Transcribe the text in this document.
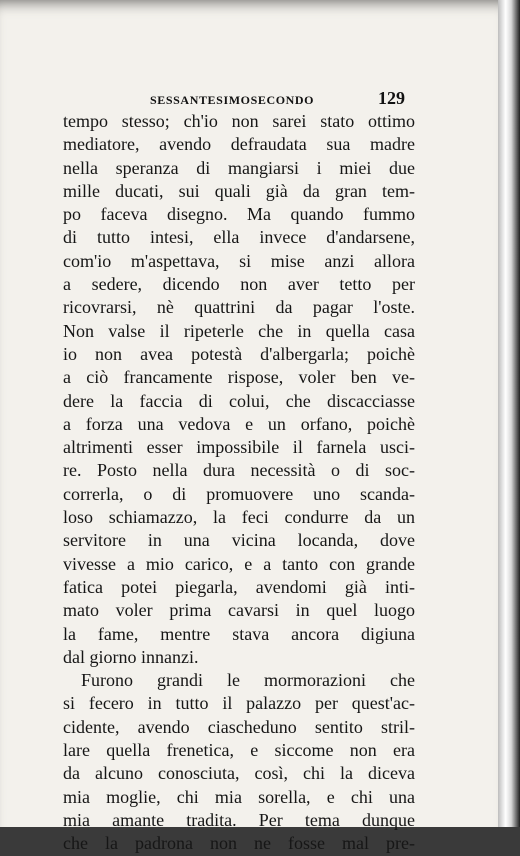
SESSANTESIMOSECONDO	129
tempo stesso; ch'io non sarei stato ottimo
mediatore, avendo defraudata sua madre
nella speranza di mangiarsi i miei due
mille ducati, sui quali già da gran tem-
po faceva disegno. Ma quando fummo
di tutto intesi, ella invece d'andarsene,
com'io m'aspettava, si mise anzi allora
a sedere, dicendo non aver tetto per
ricovrarsi, nè quattrini da pagar l'oste.
Non valse il ripeterle che in quella casa
io non avea potestà d'albergarla; poichè
a ciò francamente rispose, voler ben ve-
dere la faccia di colui, che discacciasse
a forza una vedova e un orfano, poichè
altrimenti esser impossibile il farnela usci-
re. Posto nella dura necessità o di soc-
correrla, o di promuovere uno scanda-
loso schiamazzo, la feci condurre da un
servitore in una vicina locanda, dove
vivesse a mio carico, e a tanto con grande
fatica potei piegarla, avendomi già inti-
mato voler prima cavarsi in quel luogo
la fame, mentre stava ancora digiuna
dal giorno innanzi.
Furono grandi le mormorazioni che
si fecero in tutto il palazzo per quest'ac-
cidente, avendo ciascheduno sentito stril-
lare quella frenetica, e siccome non era
da alcuno conosciuta, così, chi la diceva
mia moglie, chi mia sorella, e chi una
mia amante tradita. Per tema dunque
che la padrona non ne fosse mal pre-
